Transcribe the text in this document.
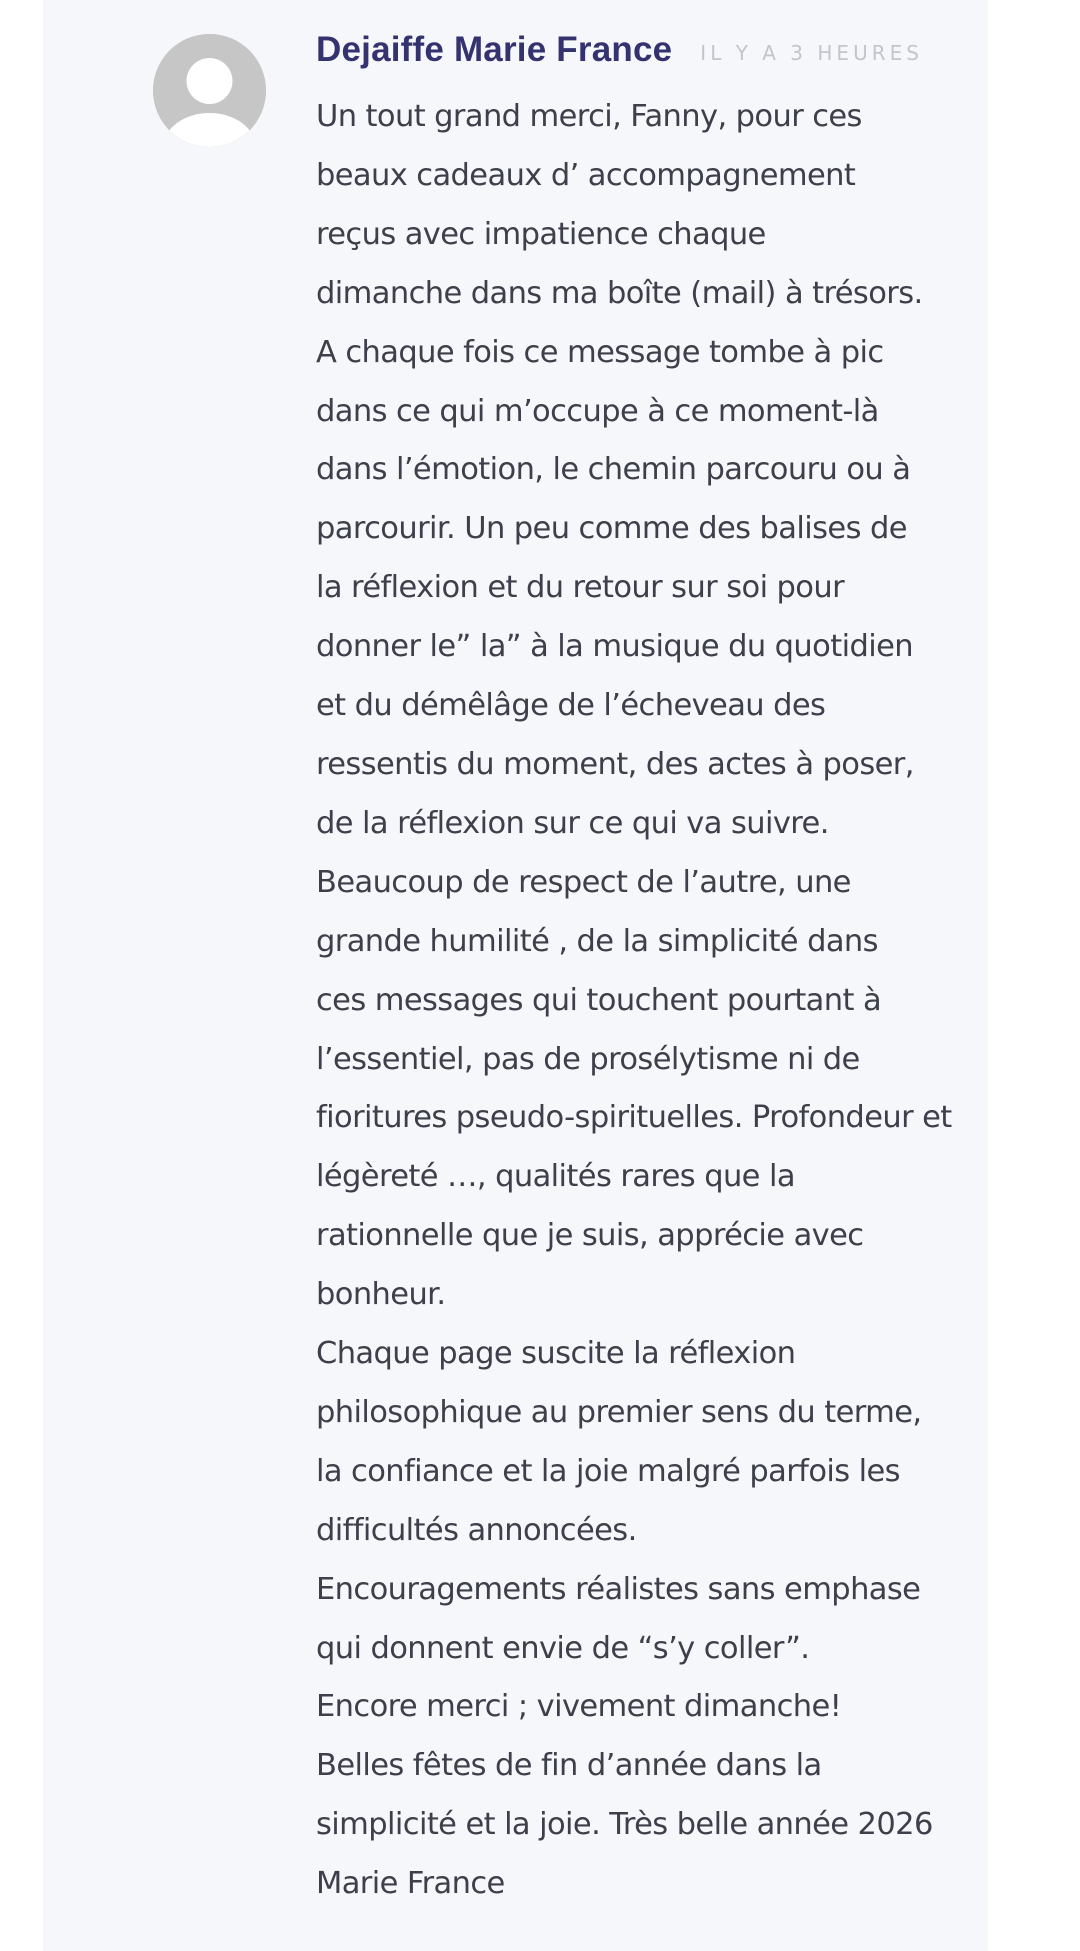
Dejaiffe Marie France IL Y A 3 HEURES
Un tout grand merci, Fanny, pour ces
beaux cadeaux d’ accompagnement
reçus avec impatience chaque
dimanche dans ma boîte (mail) à trésors.
A chaque fois ce message tombe à pic
dans ce qui m’occupe à ce moment-là
dans l’émotion, le chemin parcouru ou à
parcourir. Un peu comme des balises de
la réflexion et du retour sur soi pour
donner le” la” à la musique du quotidien
et du démêlâge de l’écheveau des
ressentis du moment, des actes à poser,
de la réflexion sur ce qui va suivre.
Beaucoup de respect de l’autre, une
grande humilité , de la simplicité dans
ces messages qui touchent pourtant à
l’essentiel, pas de prosélytisme ni de
fioritures pseudo-spirituelles. Profondeur et
légèreté …, qualités rares que la
rationnelle que je suis, apprécie avec
bonheur.
Chaque page suscite la réflexion
philosophique au premier sens du terme,
la confiance et la joie malgré parfois les
difficultés annoncées.
Encouragements réalistes sans emphase
qui donnent envie de “s’y coller”.
Encore merci ; vivement dimanche!
Belles fêtes de fin d’année dans la
simplicité et la joie. Très belle année 2026
Marie France
